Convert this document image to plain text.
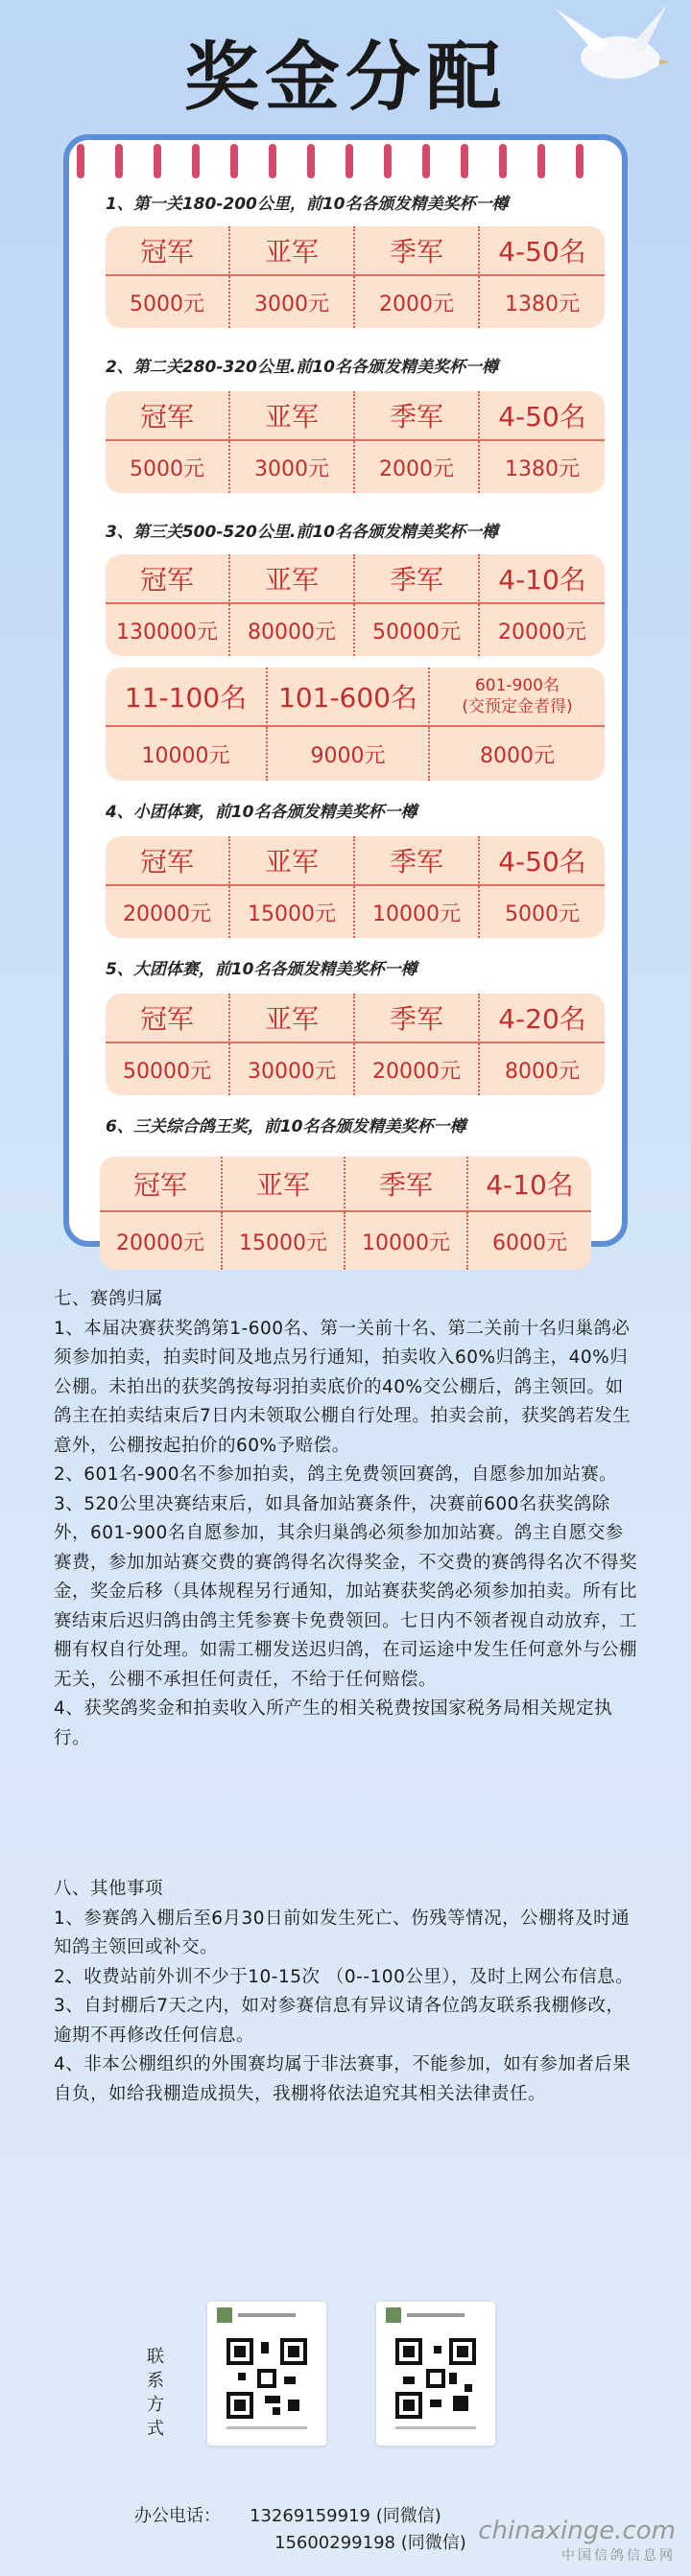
奖金分配
1、第一关180-200公里，前10名各颁发精美奖杯一樽
冠军	亚军	季军	4-50名
5000元	3000元	2000元	1380元
2、第二关280-320公里.前10名各颁发精美奖杯一樽
冠军	亚军	季军	4-50名
5000元	3000元	2000元	1380元
3、第三关500-520公里.前10名各颁发精美奖杯一樽
冠军	亚军	季军	4-10名
130000元	80000元	50000元	20000元
11-100名	101-600名	601-900名
(交预定金者得)
10000元	9000元	8000元
4、小团体赛，前10名各颁发精美奖杯一樽
冠军	亚军	季军	4-50名
20000元	15000元	10000元	5000元
5、大团体赛，前10名各颁发精美奖杯一樽
冠军	亚军	季军	4-20名
50000元	30000元	20000元	8000元
6、三关综合鸽王奖，前10名各颁发精美奖杯一樽
冠军	亚军	季军	4-10名
20000元	15000元	10000元	6000元

七、赛鸽归属

1、本届决赛获奖鸽第1-600名、第一关前十名、第二关前十名归巢鸽必须参加拍卖，拍卖时间及地点另行通知，拍卖收入60%归鸽主，40%归公棚。未拍出的获奖鸽按每羽拍卖底价的40%交公棚后，鸽主领回。如鸽主在拍卖结束后7日内未领取公棚自行处理。拍卖会前，获奖鸽若发生意外，公棚按起拍价的60%予赔偿。

2、601名-900名不参加拍卖，鸽主免费领回赛鸽，自愿参加加站赛。

3、520公里决赛结束后，如具备加站赛条件，决赛前600名获奖鸽除外，601-900名自愿参加，其余归巢鸽必须参加加站赛。鸽主自愿交参赛费，参加加站赛交费的赛鸽得名次得奖金，不交费的赛鸽得名次不得奖金，奖金后移（具体规程另行通知，加站赛获奖鸽必须参加拍卖。所有比赛结束后迟归鸽由鸽主凭参赛卡免费领回。七日内不领者视自动放弃，工棚有权自行处理。如需工棚发送迟归鸽，在司运途中发生任何意外与公棚无关，公棚不承担任何责任，不给于任何赔偿。

4、获奖鸽奖金和拍卖收入所产生的相关税费按国家税务局相关规定执行。

八、其他事项

1、参赛鸽入棚后至6月30日前如发生死亡、伤残等情况，公棚将及时通知鸽主领回或补交。

2、收费站前外训不少于10-15次 （0--100公里），及时上网公布信息。

3、自封棚后7天之内，如对参赛信息有异议请各位鸽友联系我棚修改，逾期不再修改任何信息。

4、非本公棚组织的外围赛均属于非法赛事，不能参加，如有参加者后果自负，如给我棚造成损失，我棚将依法追究其相关法律责任。

联系方式
办公电话： 13269159919 (同微信)
15600299198 (同微信) chinaxinge.com
中国信鸽信息网
